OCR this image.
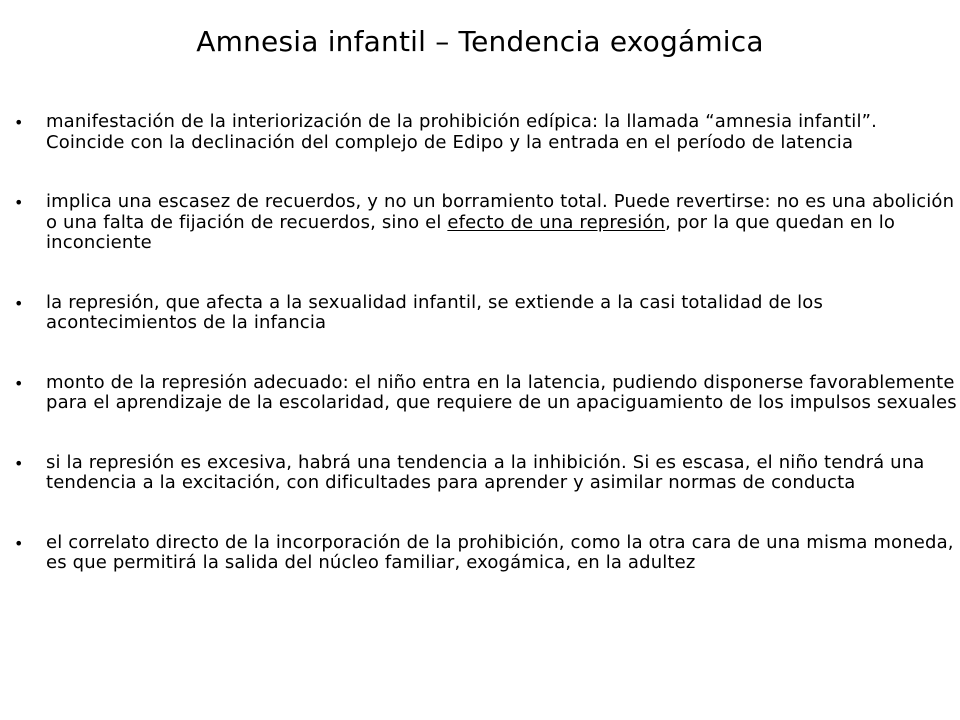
Amnesia infantil – Tendencia exogámica
• manifestación de la interiorización de la prohibición edípica: la llamada “amnesia infantil”. Coincide con la declinación del complejo de Edipo y la entrada en el período de latencia
• implica una escasez de recuerdos, y no un borramiento total. Puede revertirse: no es una abolición o una falta de fijación de recuerdos, sino el efecto de una represión, por la que quedan en lo inconciente
• la represión, que afecta a la sexualidad infantil, se extiende a la casi totalidad de los acontecimientos de la infancia
• monto de la represión adecuado: el niño entra en la latencia, pudiendo disponerse favorablemente para el aprendizaje de la escolaridad, que requiere de un apaciguamiento de los impulsos sexuales
• si la represión es excesiva, habrá una tendencia a la inhibición. Si es escasa, el niño tendrá una tendencia a la excitación, con dificultades para aprender y asimilar normas de conducta
• el correlato directo de la incorporación de la prohibición, como la otra cara de una misma moneda, es que permitirá la salida del núcleo familiar, exogámica, en la adultez
